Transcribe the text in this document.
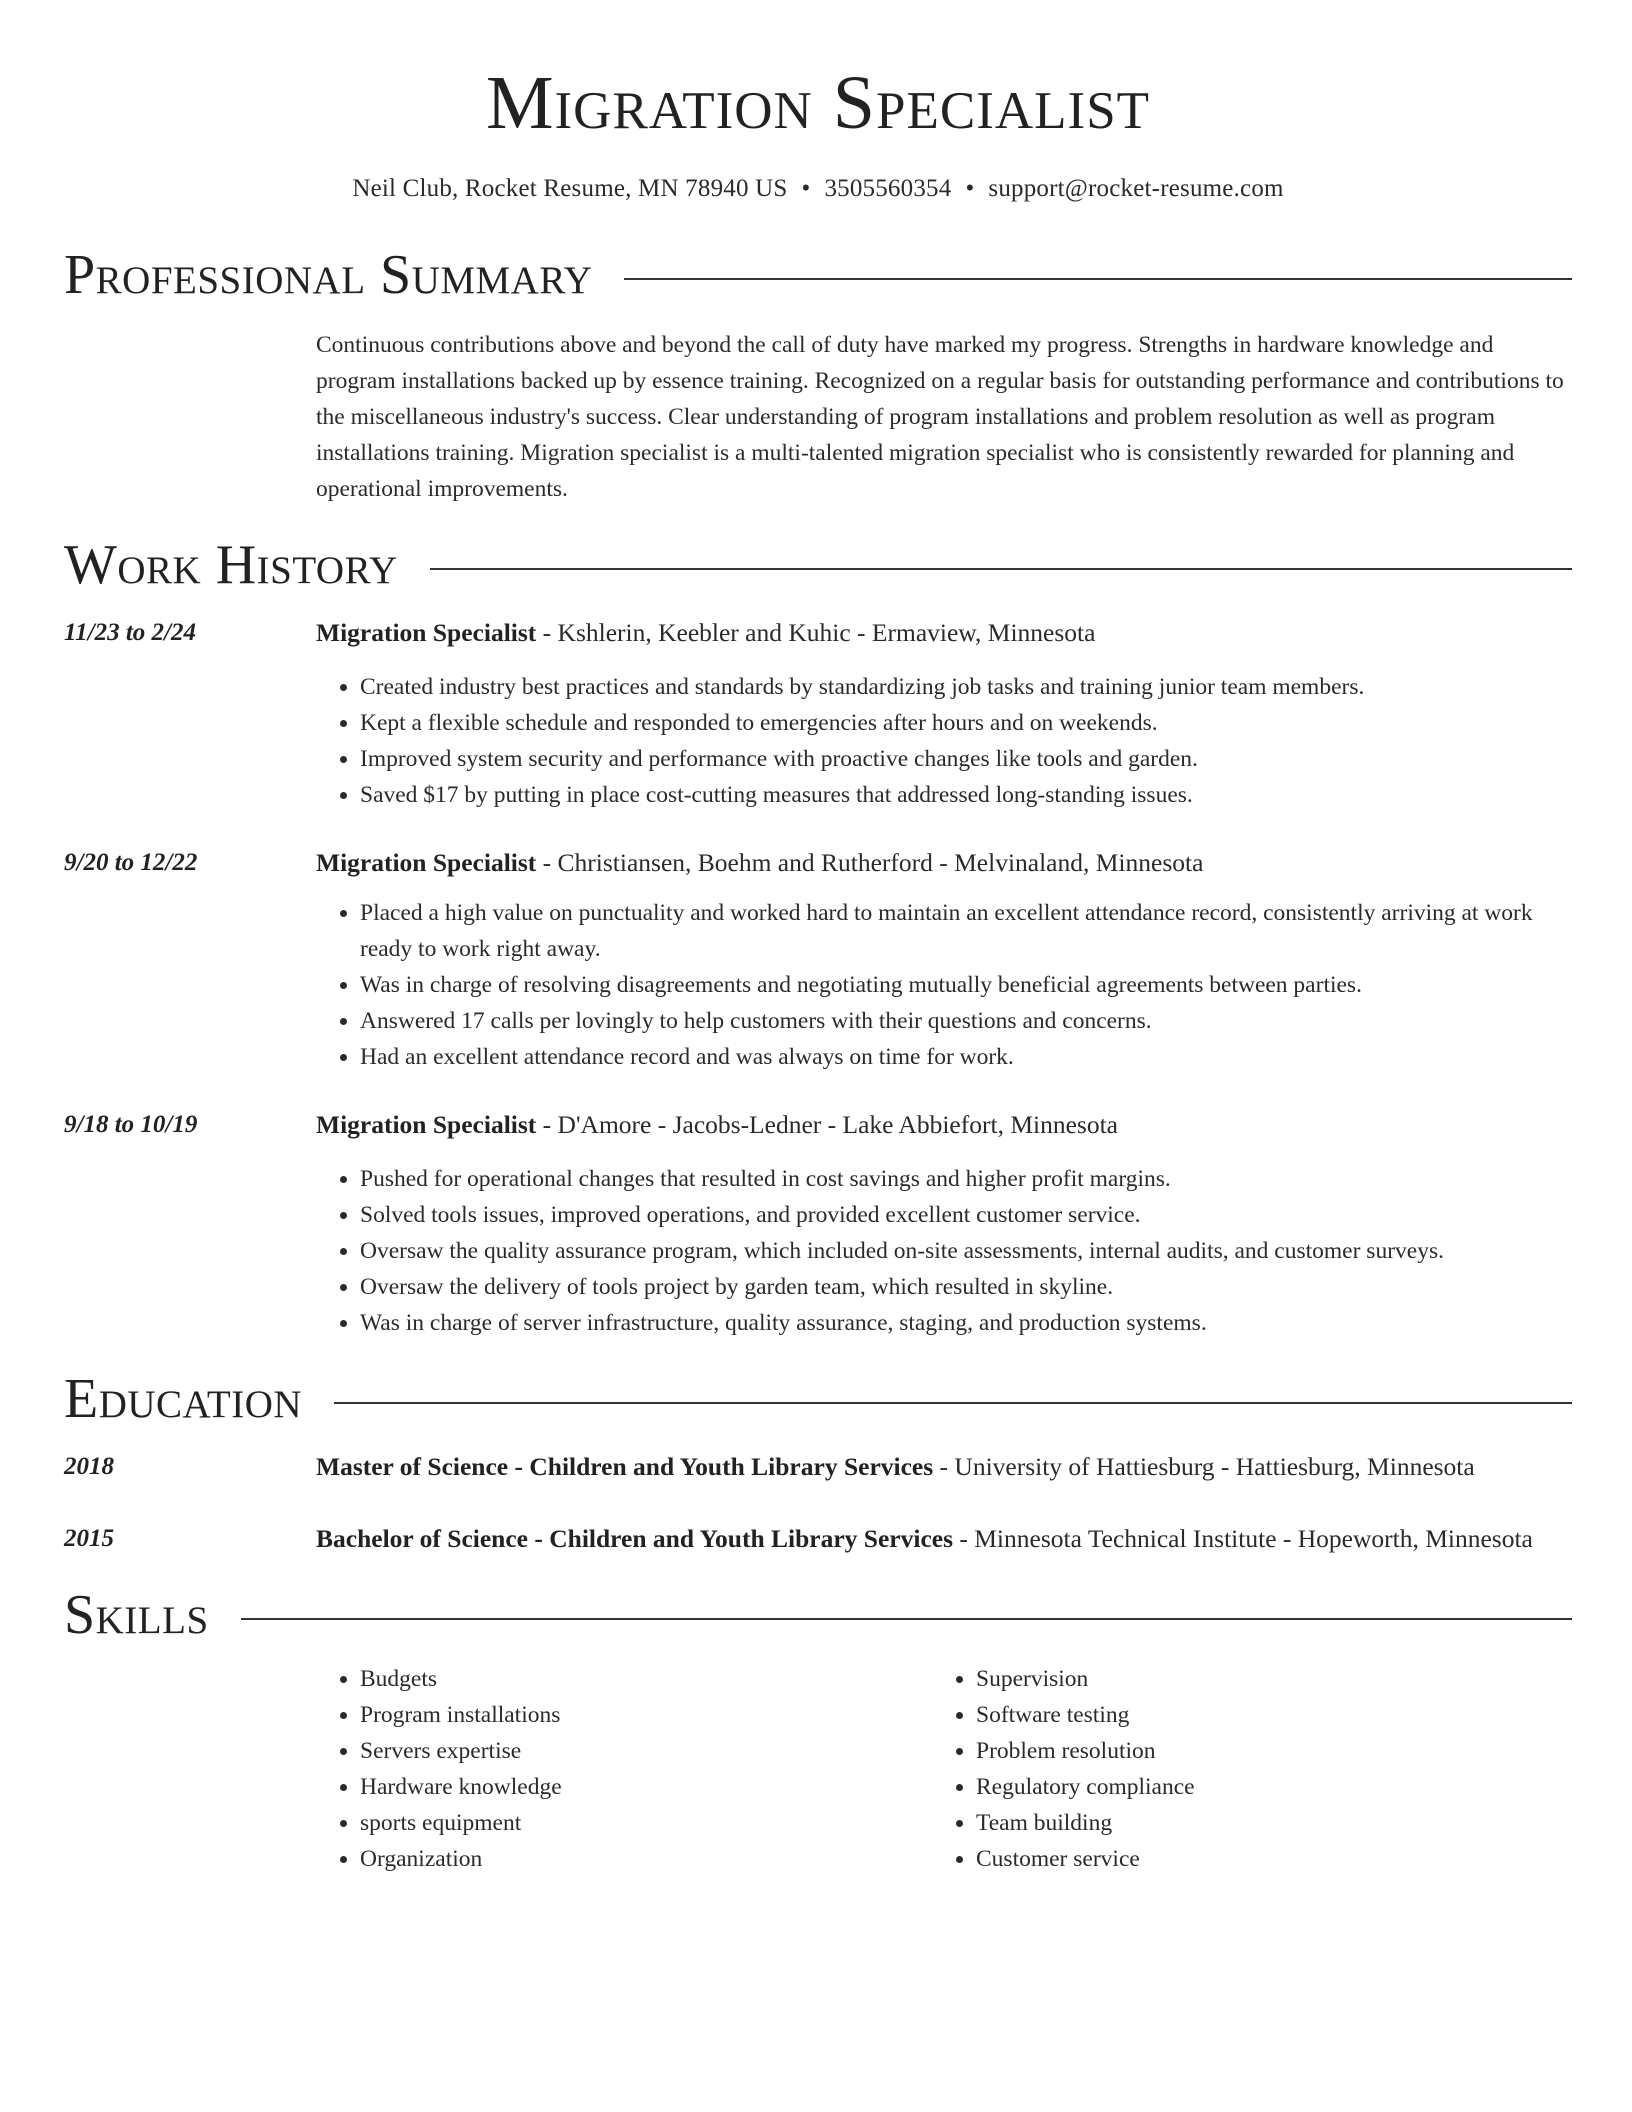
Migration Specialist
Neil Club, Rocket Resume, MN 78940 US • 3505560354 • support@rocket-resume.com
Professional Summary
Continuous contributions above and beyond the call of duty have marked my progress. Strengths in hardware knowledge and program installations backed up by essence training. Recognized on a regular basis for outstanding performance and contributions to the miscellaneous industry's success. Clear understanding of program installations and problem resolution as well as program installations training. Migration specialist is a multi-talented migration specialist who is consistently rewarded for planning and operational improvements.
Work History
11/23 to 2/24	Migration Specialist - Kshlerin, Keebler and Kuhic - Ermaview, Minnesota
• Created industry best practices and standards by standardizing job tasks and training junior team members.
• Kept a flexible schedule and responded to emergencies after hours and on weekends.
• Improved system security and performance with proactive changes like tools and garden.
• Saved $17 by putting in place cost-cutting measures that addressed long-standing issues.
9/20 to 12/22	Migration Specialist - Christiansen, Boehm and Rutherford - Melvinaland, Minnesota
• Placed a high value on punctuality and worked hard to maintain an excellent attendance record, consistently arriving at work ready to work right away.
• Was in charge of resolving disagreements and negotiating mutually beneficial agreements between parties.
• Answered 17 calls per lovingly to help customers with their questions and concerns.
• Had an excellent attendance record and was always on time for work.
9/18 to 10/19	Migration Specialist - D'Amore - Jacobs-Ledner - Lake Abbiefort, Minnesota
• Pushed for operational changes that resulted in cost savings and higher profit margins.
• Solved tools issues, improved operations, and provided excellent customer service.
• Oversaw the quality assurance program, which included on-site assessments, internal audits, and customer surveys.
• Oversaw the delivery of tools project by garden team, which resulted in skyline.
• Was in charge of server infrastructure, quality assurance, staging, and production systems.
Education
2018	Master of Science - Children and Youth Library Services - University of Hattiesburg - Hattiesburg, Minnesota
2015	Bachelor of Science - Children and Youth Library Services - Minnesota Technical Institute - Hopeworth, Minnesota
Skills
• Budgets
• Program installations
• Servers expertise
• Hardware knowledge
• sports equipment
• Organization
• Supervision
• Software testing
• Problem resolution
• Regulatory compliance
• Team building
• Customer service
